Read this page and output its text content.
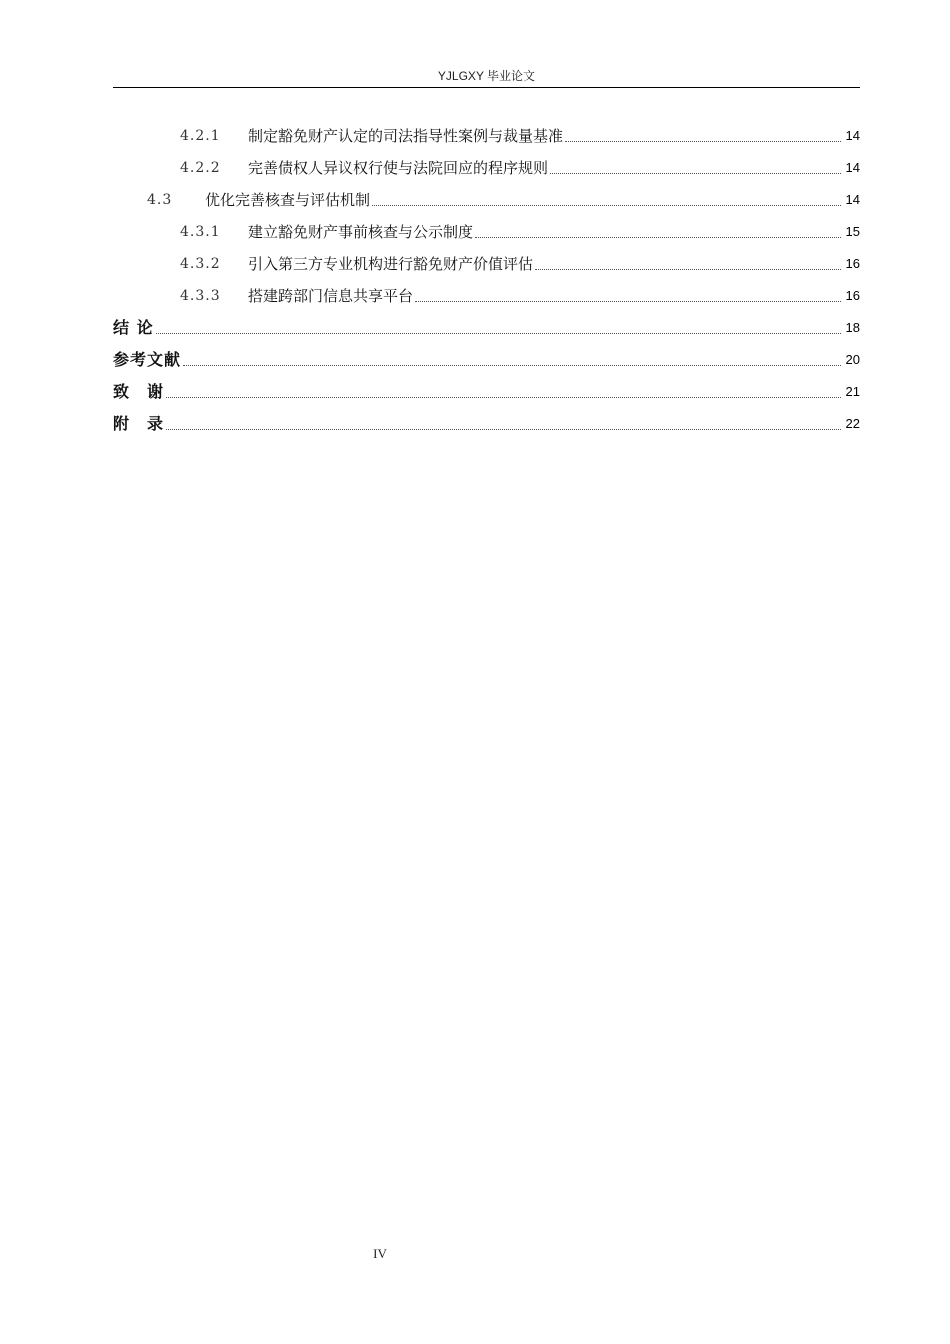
YJLGXY 毕业论文
4.2.1	制定豁免财产认定的司法指导性案例与裁量基准	14
4.2.2	完善债权人异议权行使与法院回应的程序规则	14
4.3	优化完善核查与评估机制	14
4.3.1	建立豁免财产事前核查与公示制度	15
4.3.2	引入第三方专业机构进行豁免财产价值评估	16
4.3.3	搭建跨部门信息共享平台	16
结 论	18
参考文献	20
致　谢	21
附　录	22
IV
